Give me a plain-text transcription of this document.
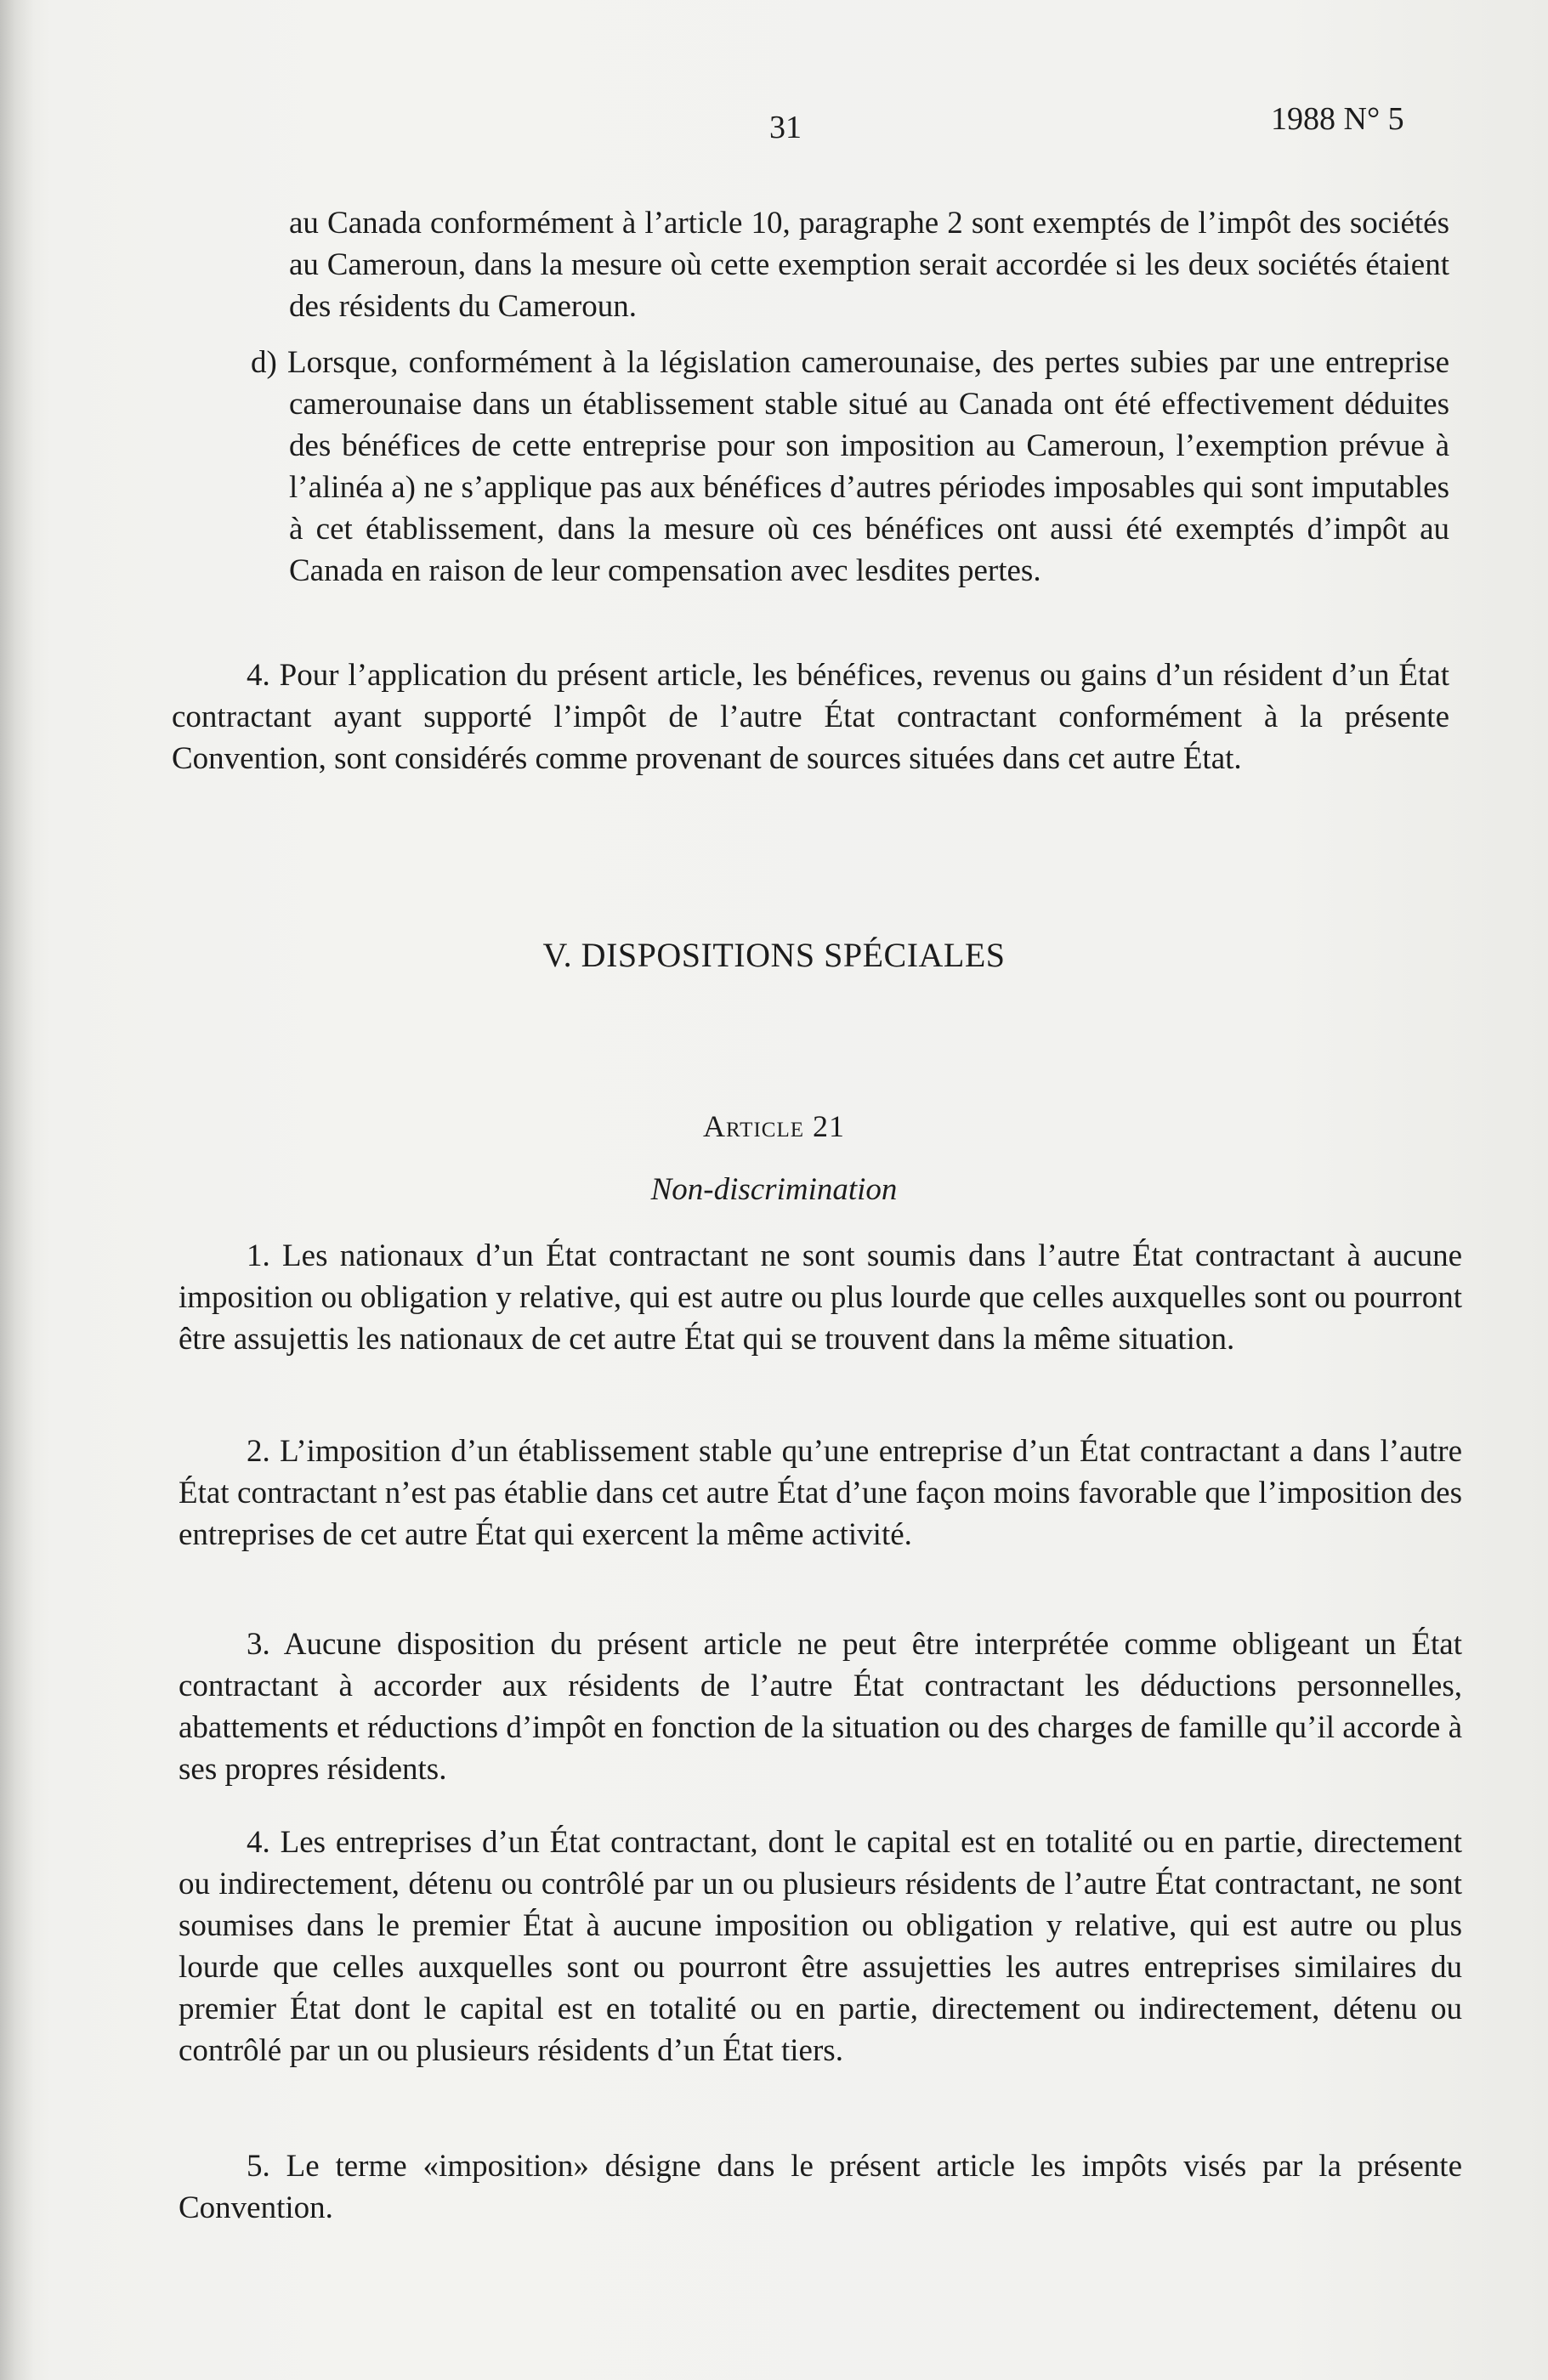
31	1988 N° 5

au Canada conformément à l’article 10, paragraphe 2 sont exemptés de l’impôt des sociétés au Cameroun, dans la mesure où cette exemption serait accordée si les deux sociétés étaient des résidents du Cameroun.

d) Lorsque, conformément à la législation camerounaise, des pertes subies par une entreprise camerounaise dans un établissement stable situé au Canada ont été effectivement déduites des bénéfices de cette entreprise pour son imposition au Cameroun, l’exemption prévue à l’alinéa a) ne s’applique pas aux bénéfices d’autres périodes imposables qui sont imputables à cet établissement, dans la mesure où ces bénéfices ont aussi été exemptés d’impôt au Canada en raison de leur compensation avec lesdites pertes.

4. Pour l’application du présent article, les bénéfices, revenus ou gains d’un résident d’un État contractant ayant supporté l’impôt de l’autre État contractant conformément à la présente Convention, sont considérés comme provenant de sources situées dans cet autre État.

V. DISPOSITIONS SPÉCIALES
Article 21

Non-discrimination

1. Les nationaux d’un État contractant ne sont soumis dans l’autre État contractant à aucune imposition ou obligation y relative, qui est autre ou plus lourde que celles auxquelles sont ou pourront être assujettis les nationaux de cet autre État qui se trouvent dans la même situation.

2. L’imposition d’un établissement stable qu’une entreprise d’un État contractant a dans l’autre État contractant n’est pas établie dans cet autre État d’une façon moins favorable que l’imposition des entreprises de cet autre État qui exercent la même activité.

3. Aucune disposition du présent article ne peut être interprétée comme obligeant un État contractant à accorder aux résidents de l’autre État contractant les déductions personnelles, abattements et réductions d’impôt en fonction de la situation ou des charges de famille qu’il accorde à ses propres résidents.

4. Les entreprises d’un État contractant, dont le capital est en totalité ou en partie, directement ou indirectement, détenu ou contrôlé par un ou plusieurs résidents de l’autre État contractant, ne sont soumises dans le premier État à aucune imposition ou obligation y relative, qui est autre ou plus lourde que celles auxquelles sont ou pourront être assujetties les autres entreprises similaires du premier État dont le capital est en totalité ou en partie, directement ou indirectement, détenu ou contrôlé par un ou plusieurs résidents d’un État tiers.

5. Le terme «imposition» désigne dans le présent article les impôts visés par la présente Convention.
